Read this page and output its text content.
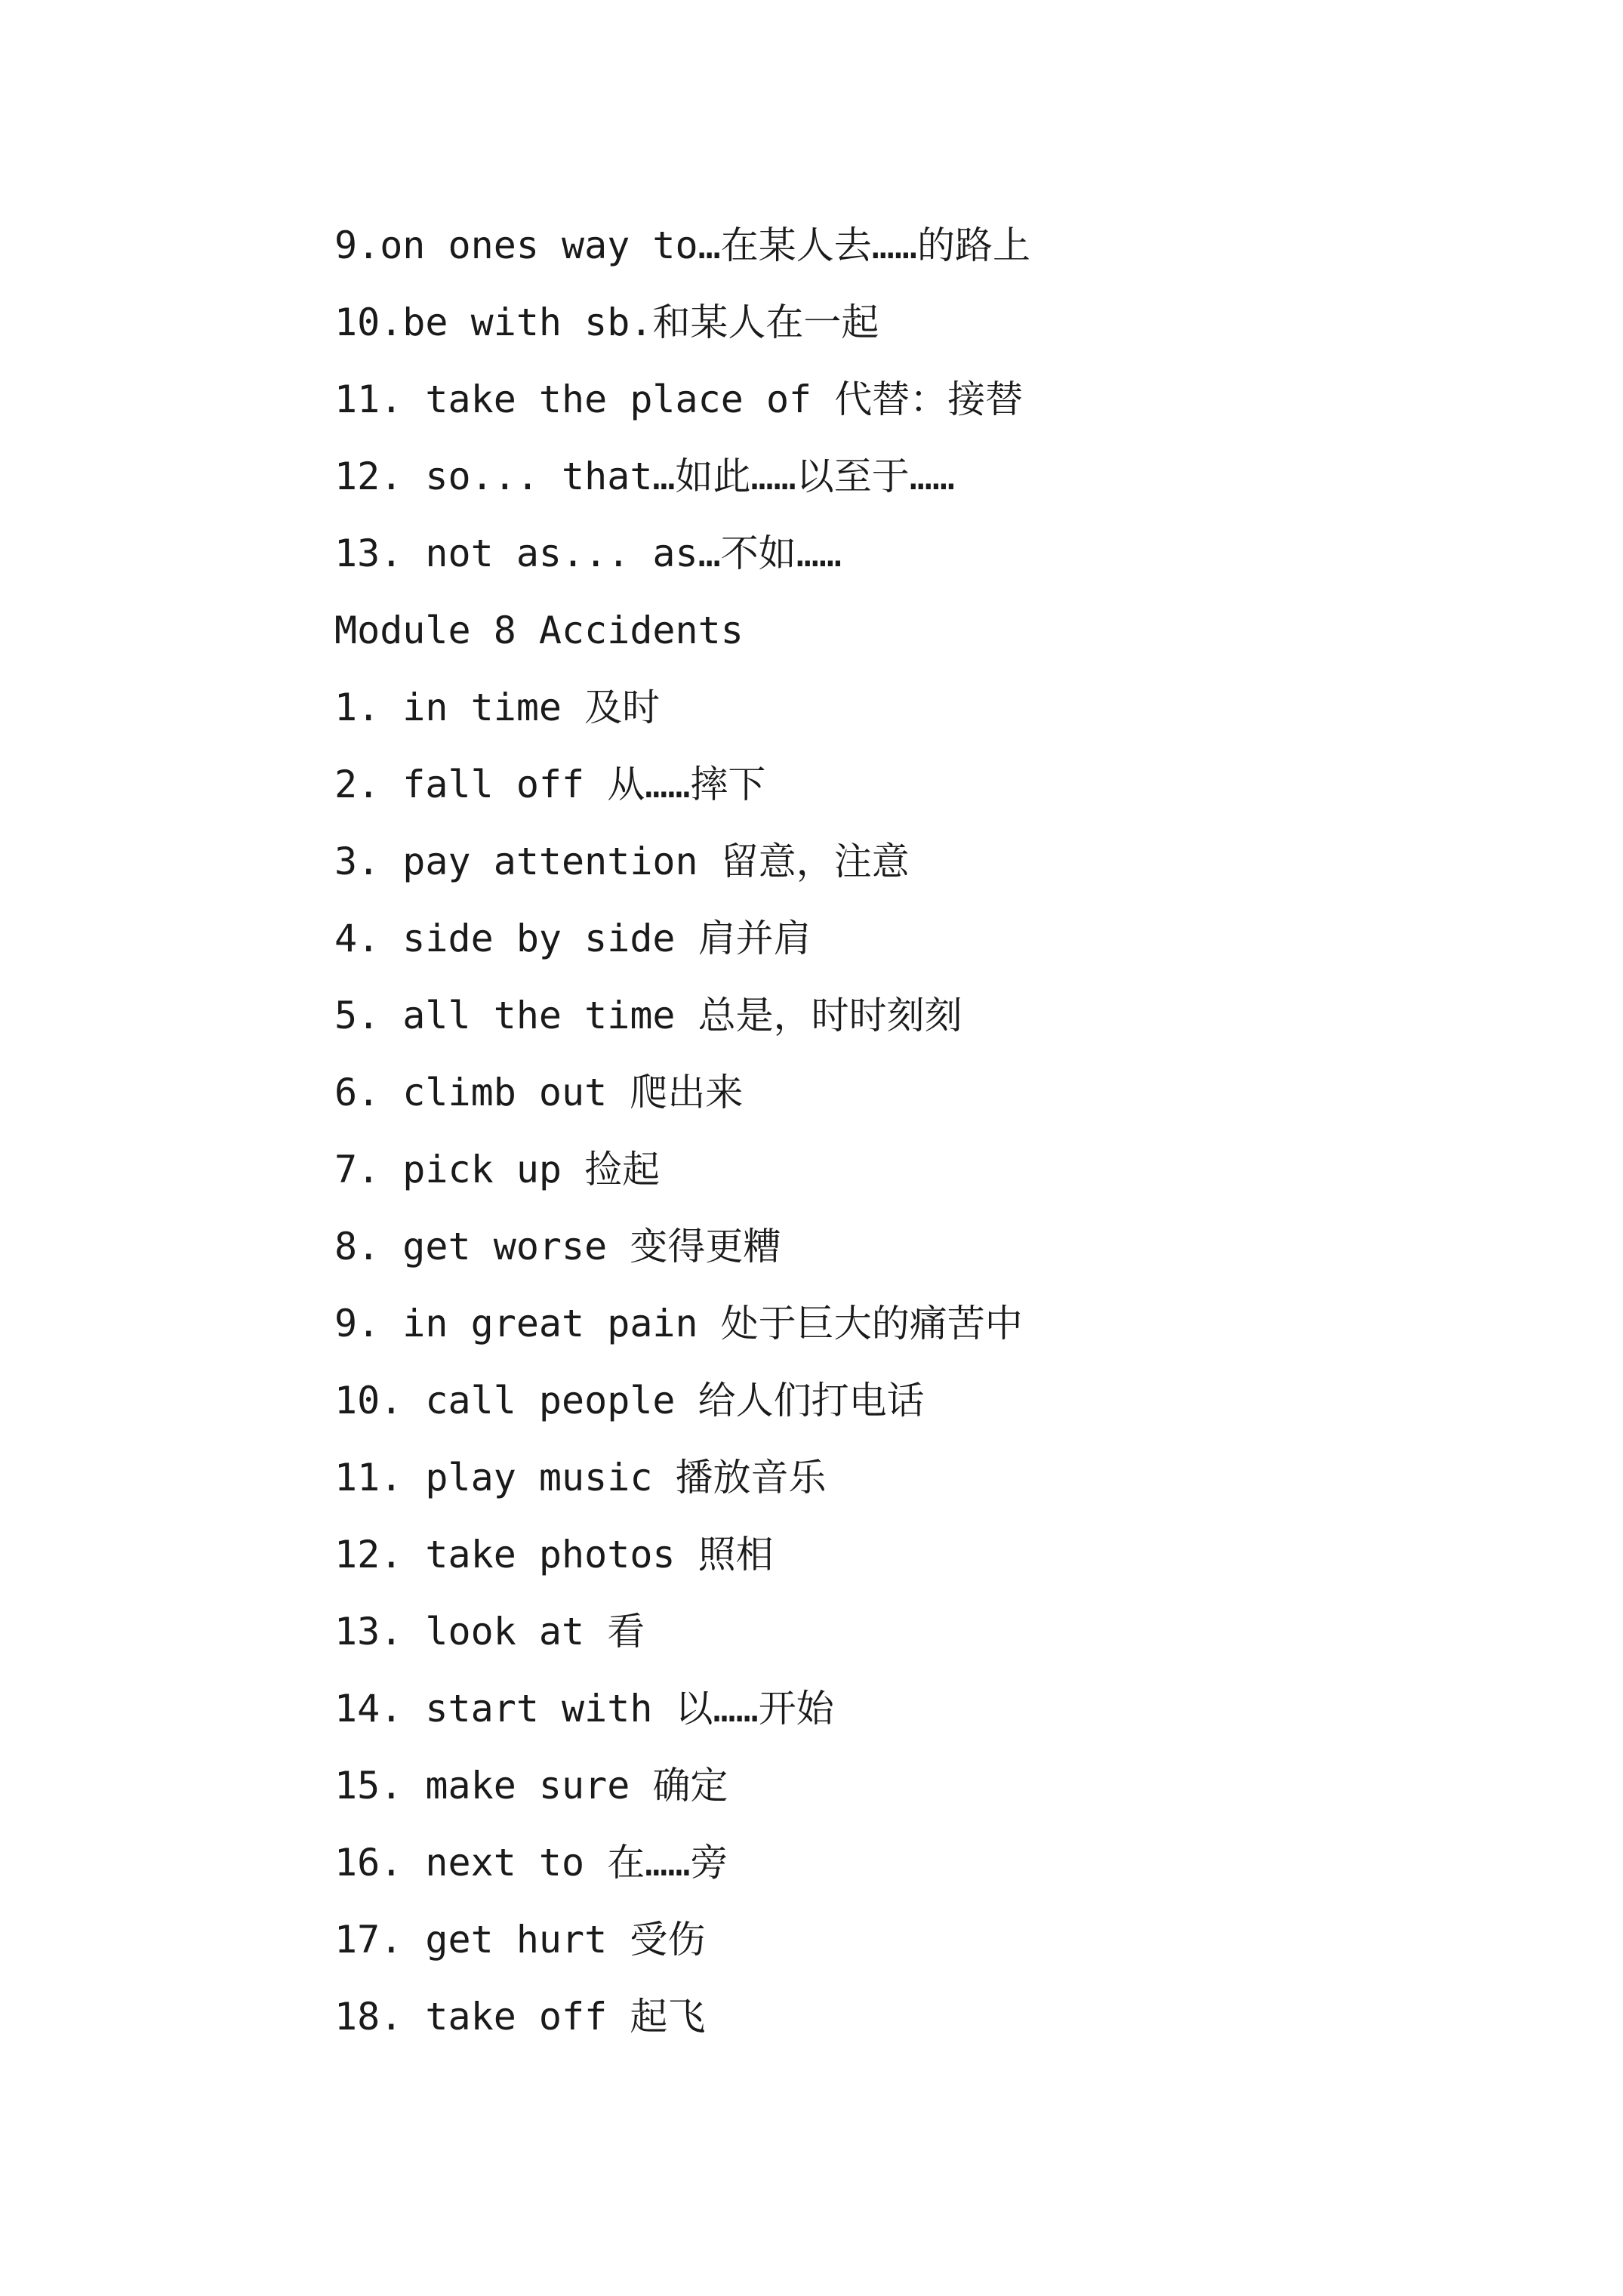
9.on ones way to…在某人去……的路上
10.be with sb.和某人在一起
11. take the place of 代替：接替
12. so... that…如此……以至于……
13. not as... as…不如……
Module 8 Accidents
1. in time 及时
2. fall off 从……摔下
3. pay attention 留意，注意
4. side by side 肩并肩
5. all the time 总是，时时刻刻
6. climb out 爬出来
7. pick up 捡起
8. get worse 变得更糟
9. in great pain 处于巨大的痛苦中
10. call people 给人们打电话
11. play music 播放音乐
12. take photos 照相
13. look at 看
14. start with 以……开始
15. make sure 确定
16. next to 在……旁
17. get hurt 受伤
18. take off 起飞
